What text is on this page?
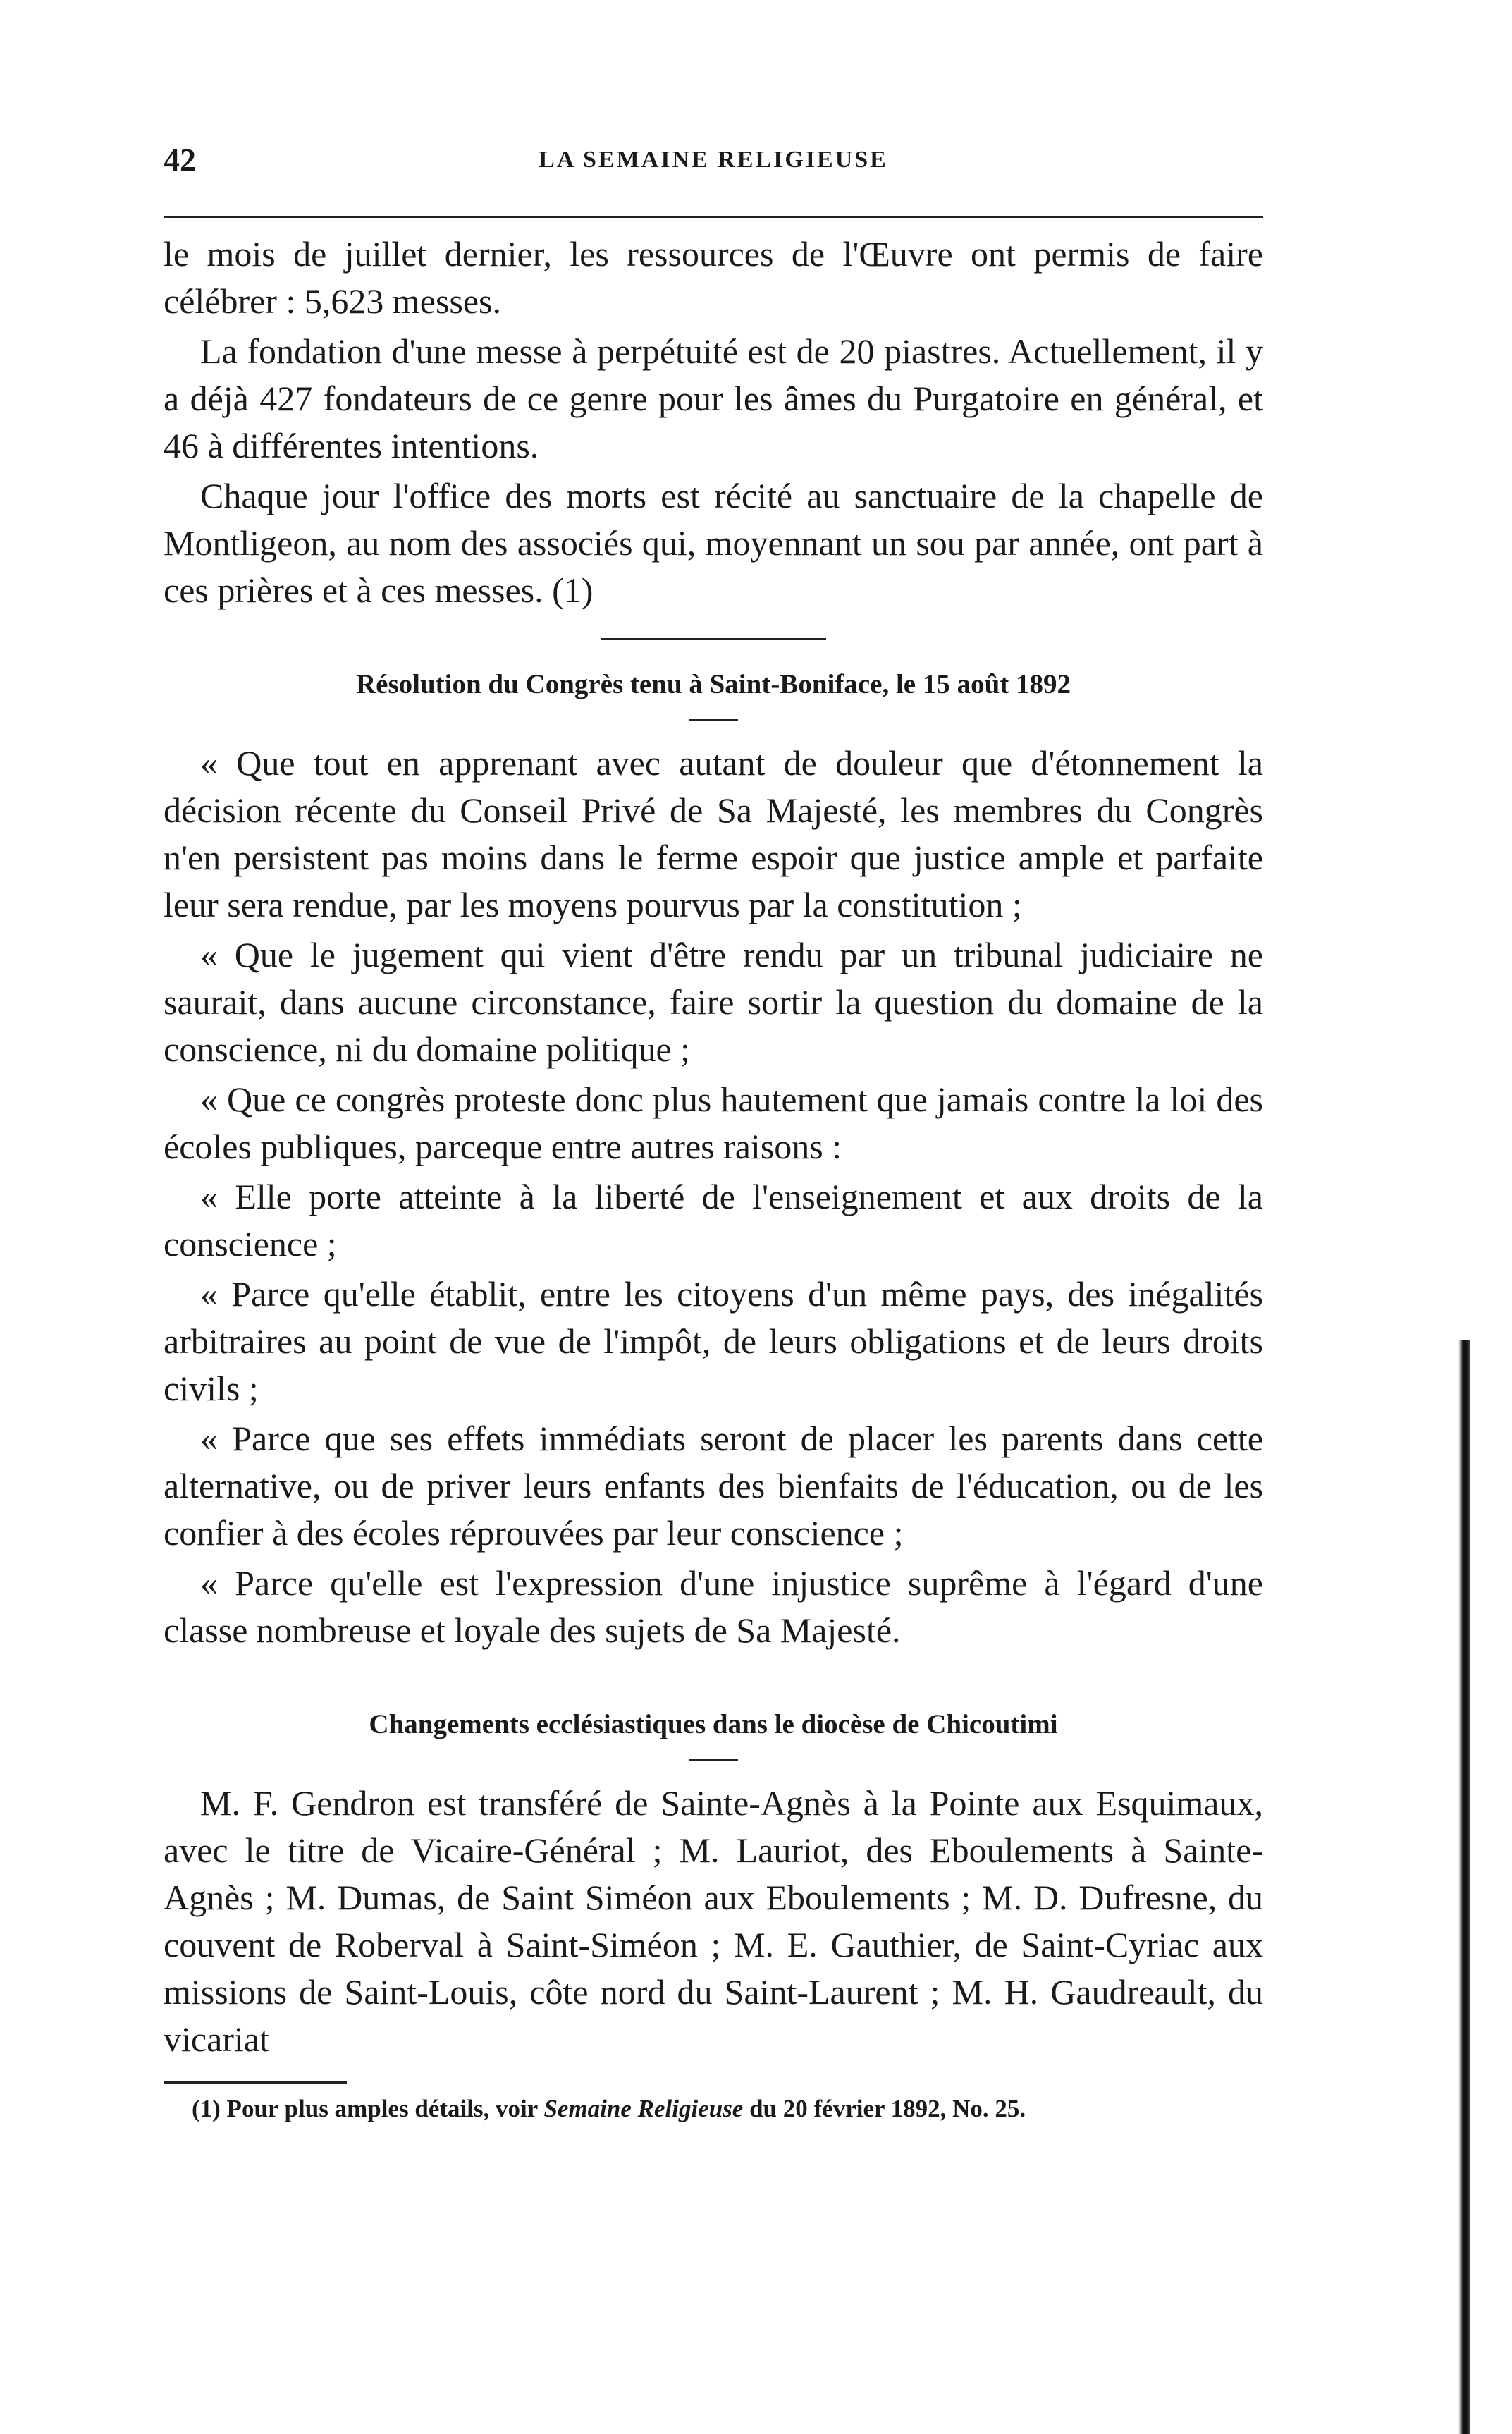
42	LA SEMAINE RELIGIEUSE

le mois de juillet dernier, les ressources de l'Œuvre ont permis de faire célébrer : 5,623 messes.

La fondation d'une messe à perpétuité est de 20 piastres. Actuellement, il y a déjà 427 fondateurs de ce genre pour les âmes du Purgatoire en général, et 46 à différentes intentions.

Chaque jour l'office des morts est récité au sanctuaire de la chapelle de Montligeon, au nom des associés qui, moyennant un sou par année, ont part à ces prières et à ces messes. (1)

Résolution du Congrès tenu à Saint-Boniface, le 15 août 1892

« Que tout en apprenant avec autant de douleur que d'étonnement la décision récente du Conseil Privé de Sa Majesté, les membres du Congrès n'en persistent pas moins dans le ferme espoir que justice ample et parfaite leur sera rendue, par les moyens pourvus par la constitution ;

« Que le jugement qui vient d'être rendu par un tribunal judiciaire ne saurait, dans aucune circonstance, faire sortir la question du domaine de la conscience, ni du domaine politique ;

« Que ce congrès proteste donc plus hautement que jamais contre la loi des écoles publiques, parceque entre autres raisons :

« Elle porte atteinte à la liberté de l'enseignement et aux droits de la conscience ;

« Parce qu'elle établit, entre les citoyens d'un même pays, des inégalités arbitraires au point de vue de l'impôt, de leurs obligations et de leurs droits civils ;

« Parce que ses effets immédiats seront de placer les parents dans cette alternative, ou de priver leurs enfants des bienfaits de l'éducation, ou de les confier à des écoles réprouvées par leur conscience ;

« Parce qu'elle est l'expression d'une injustice suprême à l'égard d'une classe nombreuse et loyale des sujets de Sa Majesté.

Changements ecclésiastiques dans le diocèse de Chicoutimi

M. F. Gendron est transféré de Sainte-Agnès à la Pointe aux Esquimaux, avec le titre de Vicaire-Général ; M. Lauriot, des Eboulements à Sainte-Agnès ; M. Dumas, de Saint Siméon aux Eboulements ; M. D. Dufresne, du couvent de Roberval à Saint-Siméon ; M. E. Gauthier, de Saint-Cyriac aux missions de Saint-Louis, côte nord du Saint-Laurent ; M. H. Gaudreault, du vicariat

(1) Pour plus amples détails, voir Semaine Religieuse du 20 février 1892, No. 25.
